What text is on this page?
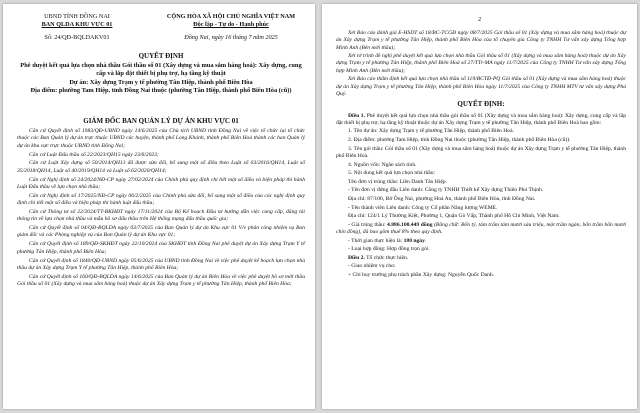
UBND TỈNH ĐỒNG NAI
BAN QLDA KHU VỰC 01
Số: 24/QĐ-BQLDAKV01
CỘNG HÒA XÃ HỘI CHỦ NGHĨA VIỆT NAM
Độc lập - Tự do - Hạnh phúc
Đồng Nai, ngày 16 tháng 7 năm 2025
QUYẾT ĐỊNH
Phê duyệt kết quả lựa chọn nhà thầu Gói thầu số 01 (Xây dựng và mua sắm hàng hoá): Xây dựng, cung cấp và lắp đặt thiết bị phụ trợ, hạ tầng kỹ thuật
Dự án: Xây dựng Trạm y tế phường Tân Hiệp, thành phố Biên Hòa
Địa điểm: phường Tam Hiệp, tỉnh Đồng Nai thuộc (phường Tân Hiệp, thành phố Biên Hòa (cũ))
GIÁM ĐỐC BAN QUẢN LÝ DỰ ÁN KHU VỰC 01

Căn cứ Quyết định số 1983/QĐ-UBND ngày 14/6/2025 của Chủ tịch UBND tỉnh Đồng Nai về việc tổ chức lại tổ chức thuộc các Ban Quản lý dự án trực thuộc UBND các huyện, thành phố Long Khánh, thành phố Biên Hoà thành các ban Quản lý dự án khu vực trực thuộc UBND tỉnh Đồng Nai;

Căn cứ Luật Đấu thầu số 22/2023/QH15 ngày 23/6/2023;

Căn cứ Luật Xây dựng số 50/2014/QH13 đã được sửa đổi, bổ sung một số điều theo Luật số 03/2016/QH14, Luật số 35/2018/QH14, Luật số 40/2019/QH14 và Luật số 62/2020/QH14;

Căn cứ Nghị định số 24/2024/NĐ-CP ngày 27/02/2024 của Chính phủ quy định chi tiết một số điều và biện pháp thi hành Luật Đấu thầu về lựa chọn nhà thầu;

Căn cứ Nghị định số 17/2025/NĐ-CP ngày 06/2/2025 của Chính phủ sửa đổi, bổ sung một số điều của các nghị định quy định chi tiết một số điều và biện pháp thi hành luật đấu thầu;

Căn cứ Thông tư số 22/2024/TT-BKHĐT ngày 17/11/2024 của Bộ Kế hoạch Đầu tư hướng dẫn việc cung cấp, đăng tải thông tin về lựa chọn nhà thầu và mẫu hồ sơ đấu thầu trên Hệ thống mạng đấu thầu quốc gia;

Căn cứ Quyết định số 04/QĐ-BQLDA ngày 03/7/2025 của Ban Quản lý dự án Khu vực 01 V/v phân công nhiệm vụ Ban giám đốc và các Phòng nghiệp vụ của Ban Quản lý dự án Khu vực 01;

Căn cứ Quyết định số 189/QĐ-SKHĐT ngày 22/10/2024 của SKHĐT tỉnh Đồng Nai phê duyệt dự án Xây dựng Trạm Y tế phường Tân Hiệp, thành phố Biên Hòa;

Căn cứ Quyết định số 1840/QĐ-UBND ngày 05/6/2025 của UBND tỉnh Đồng Nai về việc phê duyệt kế hoạch lựa chọn nhà thầu dự án Xây dựng Trạm Y tế phường Tân Hiệp, thành phố Biên Hòa;

Căn cứ Quyết định số 160/QĐ-BQLDA ngày 14/6/2025 của Ban Quản lý dự án Biên Hòa về việc phê duyệt hồ sơ mời thầu Gói thầu số 01 (Xây dựng và mua sắm hàng hoá) thuộc dự án Xây dựng Trạm y tế phường Tân Hiệp, thành phố Biên Hòa;

2

Xét Báo cáo đánh giá E-HSDT số 18/BC-TCGĐ ngày 08/7/2025 Gói thầu số 01 (Xây dựng và mua sắm hàng hoá) thuộc dự án Xây dựng Trạm y tế phường Tân Hiệp, thành phố Biên Hòa của tổ chuyên gia Công ty TNHH Tư vấn xây dựng Tổng hợp Minh Anh (Bên mời thầu);

Xét tờ trình đề nghị phê duyệt kết quả lựa chọn nhà thầu Gói thầu số 01 (Xây dựng và mua sắm hàng hoá) thuộc dự án Xây dựng Trạm y tế phường Tân Hiệp, thành phố Biên Hoà số 27/TTr-MA ngày 11/7/2025 của Công ty TNHH Tư vấn xây dựng Tổng hợp Minh Anh (Bên mời thầu);

Xét Báo cáo thẩm định kết quả lựa chọn nhà thầu số 119/BCTĐ-PQ Gói thầu số 01 (Xây dựng và mua sắm hàng hoá) thuộc dự án Xây dựng Trạm y tế phường Tân Hiệp, thành phố Biên Hòa ngày 11/7/2025 của Công ty TNHH MTV tư vấn xây dựng Phú Quý.

QUYẾT ĐỊNH:

Điều 1. Phê duyệt kết quả lựa chọn nhà thầu gói thầu số 01 (Xây dựng và mua sắm hàng hoá): Xây dựng, cung cấp và lắp đặt thiết bị phụ trợ, hạ tầng kỹ thuật thuộc dự án Xây dựng Trạm y tế phường Tân Hiệp, thành phố Biên Hoà bao gồm:

1. Tên dự án: Xây dựng Trạm y tế phường Tân Hiệp, thành phố Biên Hoà.

2. Địa điểm: phường Tam Hiệp, tỉnh Đồng Nai thuộc (phường Tân Hiệp, thành phố Biên Hòa (cũ)).

3. Tên gói thầu: Gói thầu số 01 (Xây dựng và mua sắm hàng hoá) thuộc dự án Xây dựng Trạm y tế phường Tân Hiệp, thành phố Biên Hoà.

4. Nguồn vốn: Ngân sách tỉnh.

5. Nội dung kết quả lựa chọn nhà thầu:

Tên đơn vị trúng thầu: Liên Danh Tân Hiệp.

- Tên đơn vị đứng đầu Liên danh: Công ty TNHH Thiết kế Xây dựng Thiên Phú Thịnh.

Địa chỉ: 87/106, Bờ Ông Nai, phường Hoá An, thành phố Biên Hòa, tỉnh Đồng Nai.

- Tên thành viên Liên danh: Công ty Cổ phần Năng lượng WEME.

Địa chỉ: 124/1 Lý Thường Kiệt, Phường 1, Quận Gò Vấp, Thành phố Hồ Chí Minh, Việt Nam.

- Giá trúng thầu: 4.886.100.449 đồng (Bằng chữ: Bốn tỷ, tám trăm tám mươi sáu triệu, một trăm ngàn, bốn trăm bốn mươi chín đồng), đã bao gồm thuế 8% theo quy định.

- Thời gian thực hiện là: 180 ngày.

- Loại hợp đồng: Hợp đồng trọn gói.

Điều 2. Tổ chức thực hiện.

- Giao nhiệm vụ cho:

+ Chỉ huy trưởng phụ trách phần Xây dựng: Nguyễn Quốc Danh.
